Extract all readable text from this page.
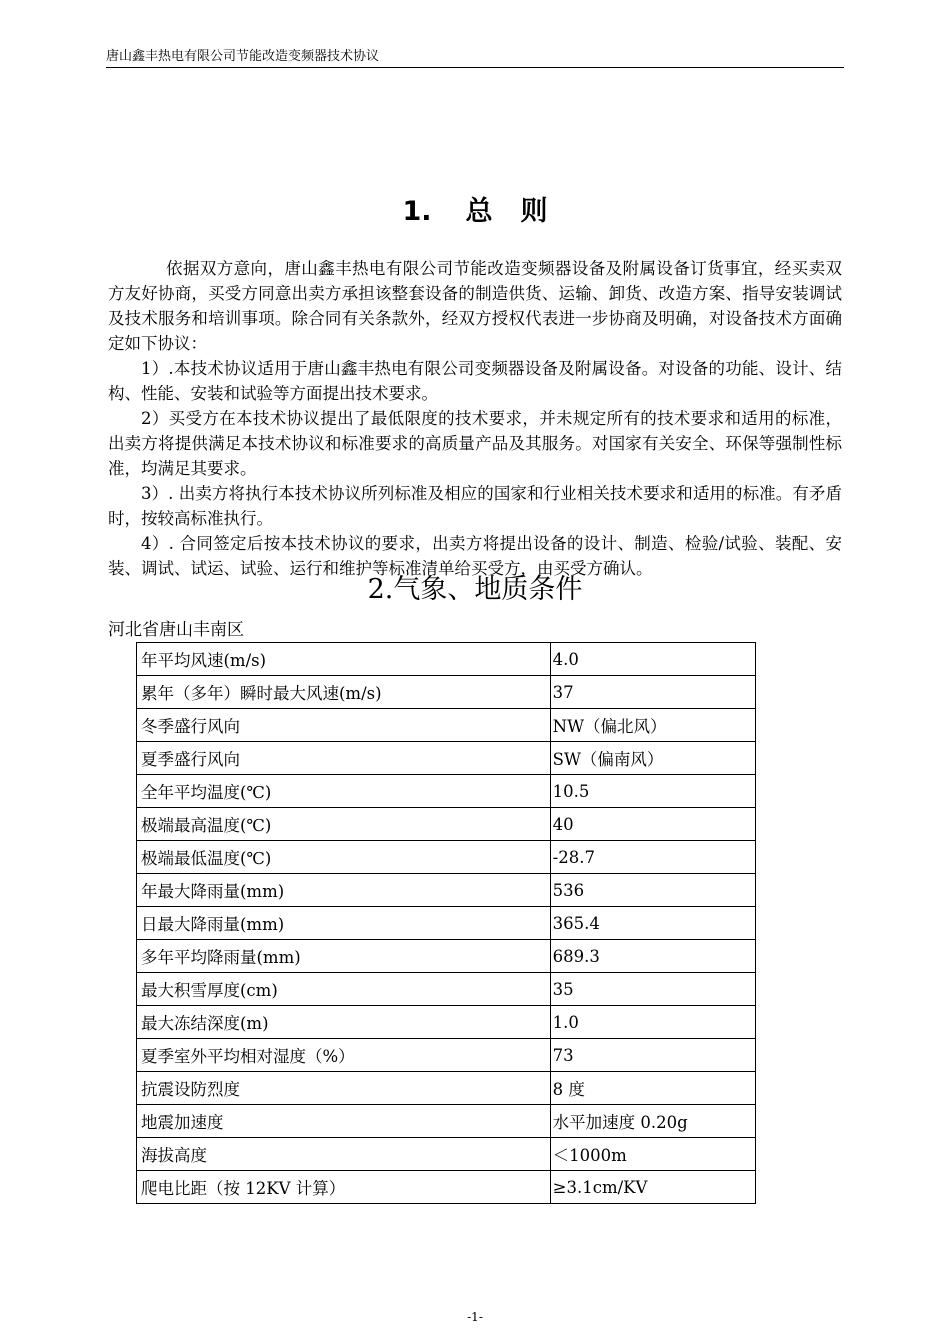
唐山鑫丰热电有限公司节能改造变频器技术协议
1. 总 则

依据双方意向，唐山鑫丰热电有限公司节能改造变频器设备及附属设备订货事宜，经买卖双方友好协商，买受方同意出卖方承担该整套设备的制造供货、运输、卸货、改造方案、指导安装调试及技术服务和培训事项。除合同有关条款外，经双方授权代表进一步协商及明确，对设备技术方面确定如下协议：

1）.本技术协议适用于唐山鑫丰热电有限公司变频器设备及附属设备。对设备的功能、设计、结构、性能、安装和试验等方面提出技术要求。

2）买受方在本技术协议提出了最低限度的技术要求，并未规定所有的技术要求和适用的标准，出卖方将提供满足本技术协议和标准要求的高质量产品及其服务。对国家有关安全、环保等强制性标准，均满足其要求。

3）. 出卖方将执行本技术协议所列标准及相应的国家和行业相关技术要求和适用的标准。有矛盾时，按较高标准执行。

4）. 合同签定后按本技术协议的要求，出卖方将提出设备的设计、制造、检验/试验、装配、安装、调试、试运、试验、运行和维护等标准清单给买受方，由买受方确认。

2.气象、地质条件
河北省唐山丰南区
年平均风速(m/s)	4.0
累年（多年）瞬时最大风速(m/s)	37
冬季盛行风向	NW（偏北风）
夏季盛行风向	SW（偏南风）
全年平均温度(℃)	10.5
极端最高温度(℃)	40
极端最低温度(℃)	-28.7
年最大降雨量(mm)	536
日最大降雨量(mm)	365.4
多年平均降雨量(mm)	689.3
最大积雪厚度(cm)	35
最大冻结深度(m)	1.0
夏季室外平均相对湿度（%）	73
抗震设防烈度	8 度
地震加速度	水平加速度 0.20g
海拔高度	＜1000m
爬电比距（按 12KV 计算）	≥3.1cm/KV
-1-
